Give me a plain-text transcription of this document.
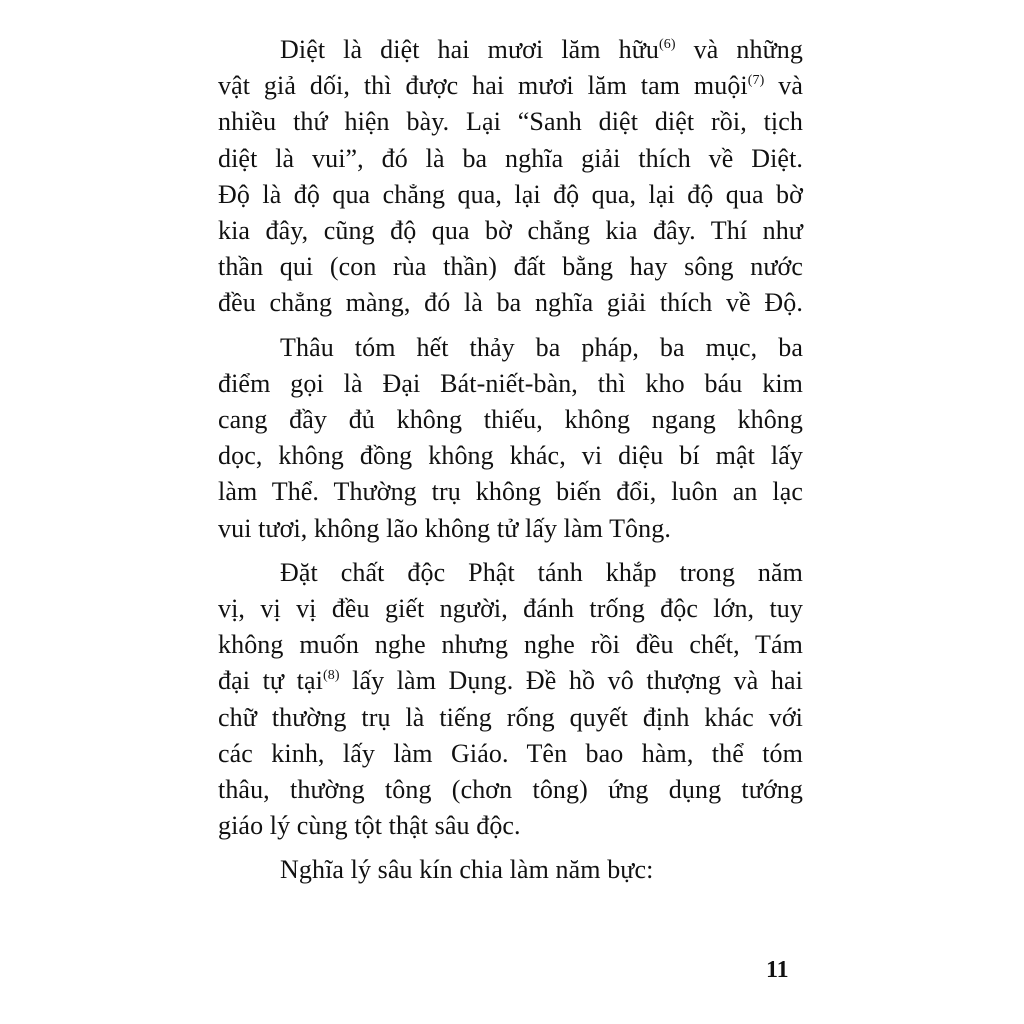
Diệt là diệt hai mươi lăm hữu$^{(6)}$ và những
vật giả dối, thì được hai mươi lăm tam muội$^{(7)}$ và
nhiều thứ hiện bày. Lại “Sanh diệt diệt rồi, tịch
diệt là vui”, đó là ba nghĩa giải thích về Diệt.
Độ là độ qua chẳng qua, lại độ qua, lại độ qua bờ
kia đây, cũng độ qua bờ chẳng kia đây. Thí như
thần qui (con rùa thần) đất bằng hay sông nước
đều chẳng màng, đó là ba nghĩa giải thích về Độ.

Thâu tóm hết thảy ba pháp, ba mục, ba
điểm gọi là Đại Bát-niết-bàn, thì kho báu kim
cang đầy đủ không thiếu, không ngang không
dọc, không đồng không khác, vi diệu bí mật lấy
làm Thể. Thường trụ không biến đổi, luôn an lạc
vui tươi, không lão không tử lấy làm Tông.

Đặt chất độc Phật tánh khắp trong năm
vị, vị vị đều giết người, đánh trống độc lớn, tuy
không muốn nghe nhưng nghe rồi đều chết, Tám
đại tự tại$^{(8)}$ lấy làm Dụng. Đề hồ vô thượng và hai
chữ thường trụ là tiếng rống quyết định khác với
các kinh, lấy làm Giáo. Tên bao hàm, thể tóm
thâu, thường tông (chơn tông) ứng dụng tướng
giáo lý cùng tột thật sâu độc.

Nghĩa lý sâu kín chia làm năm bực:

11
